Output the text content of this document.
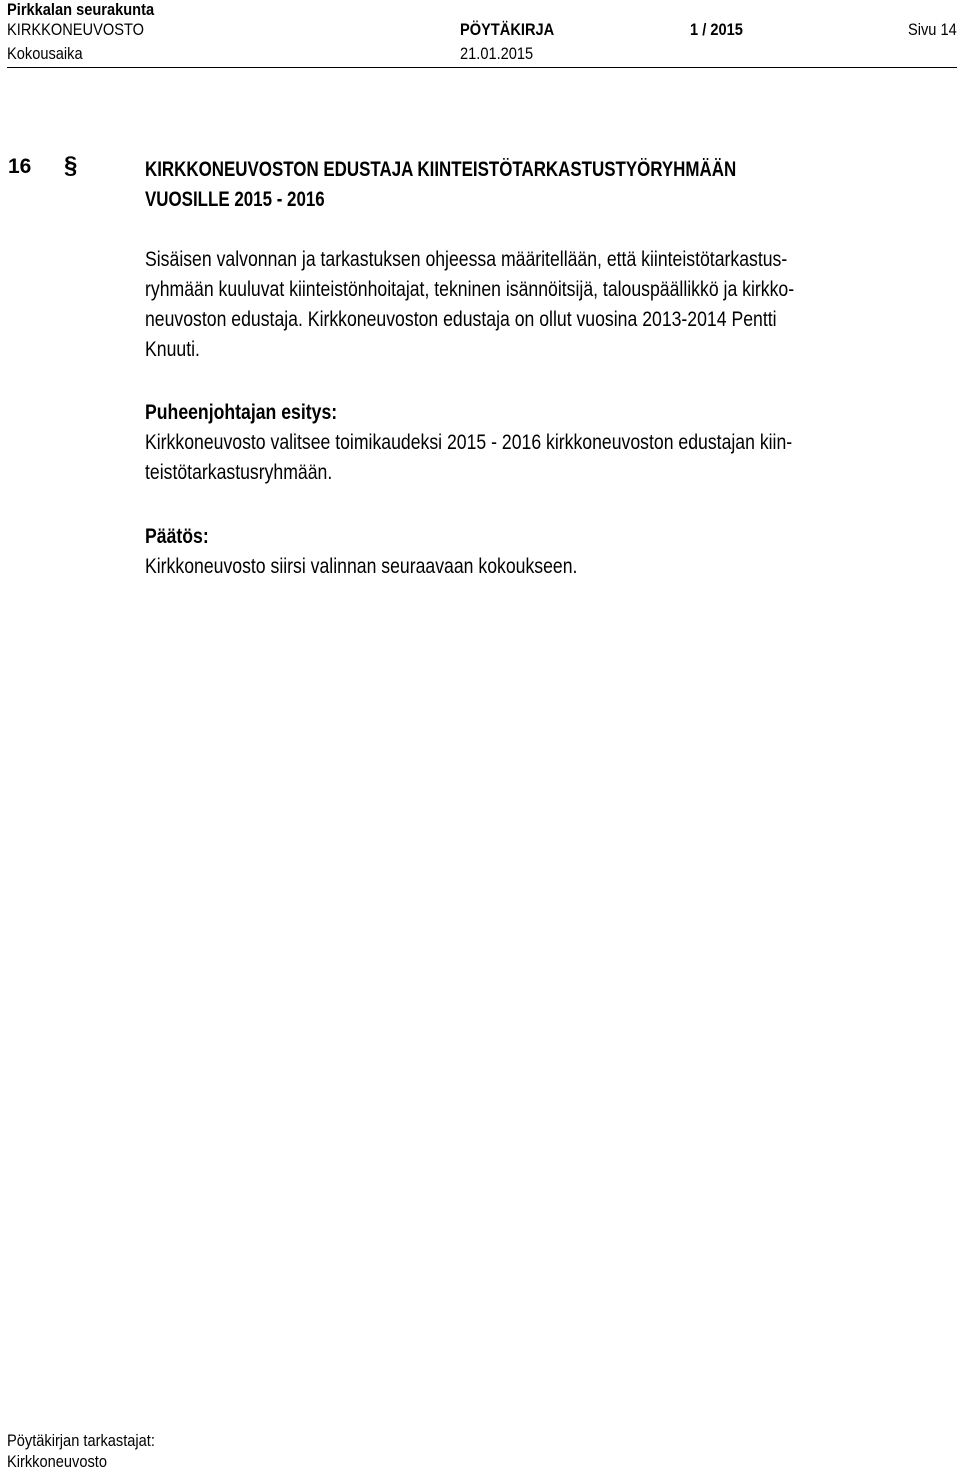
Pirkkalan seurakunta
KIRKKONEUVOSTO	PÖYTÄKIRJA	1 / 2015	Sivu 14
Kokousaika	21.01.2015
16 §	KIRKKONEUVOSTON EDUSTAJA KIINTEISTÖTARKASTUSTYÖRYHMÄÄN
VUOSILLE 2015 - 2016
Sisäisen valvonnan ja tarkastuksen ohjeessa määritellään, että kiinteistötarkastus-
ryhmään kuuluvat kiinteistönhoitajat, tekninen isännöitsijä, talouspäällikkö ja kirkko-
neuvoston edustaja. Kirkkoneuvoston edustaja on ollut vuosina 2013-2014 Pentti
Knuuti.
Puheenjohtajan esitys:
Kirkkoneuvosto valitsee toimikaudeksi 2015 - 2016 kirkkoneuvoston edustajan kiin-
teistötarkastusryhmään.
Päätös:
Kirkkoneuvosto siirsi valinnan seuraavaan kokoukseen.
Pöytäkirjan tarkastajat:
Kirkkoneuvosto
